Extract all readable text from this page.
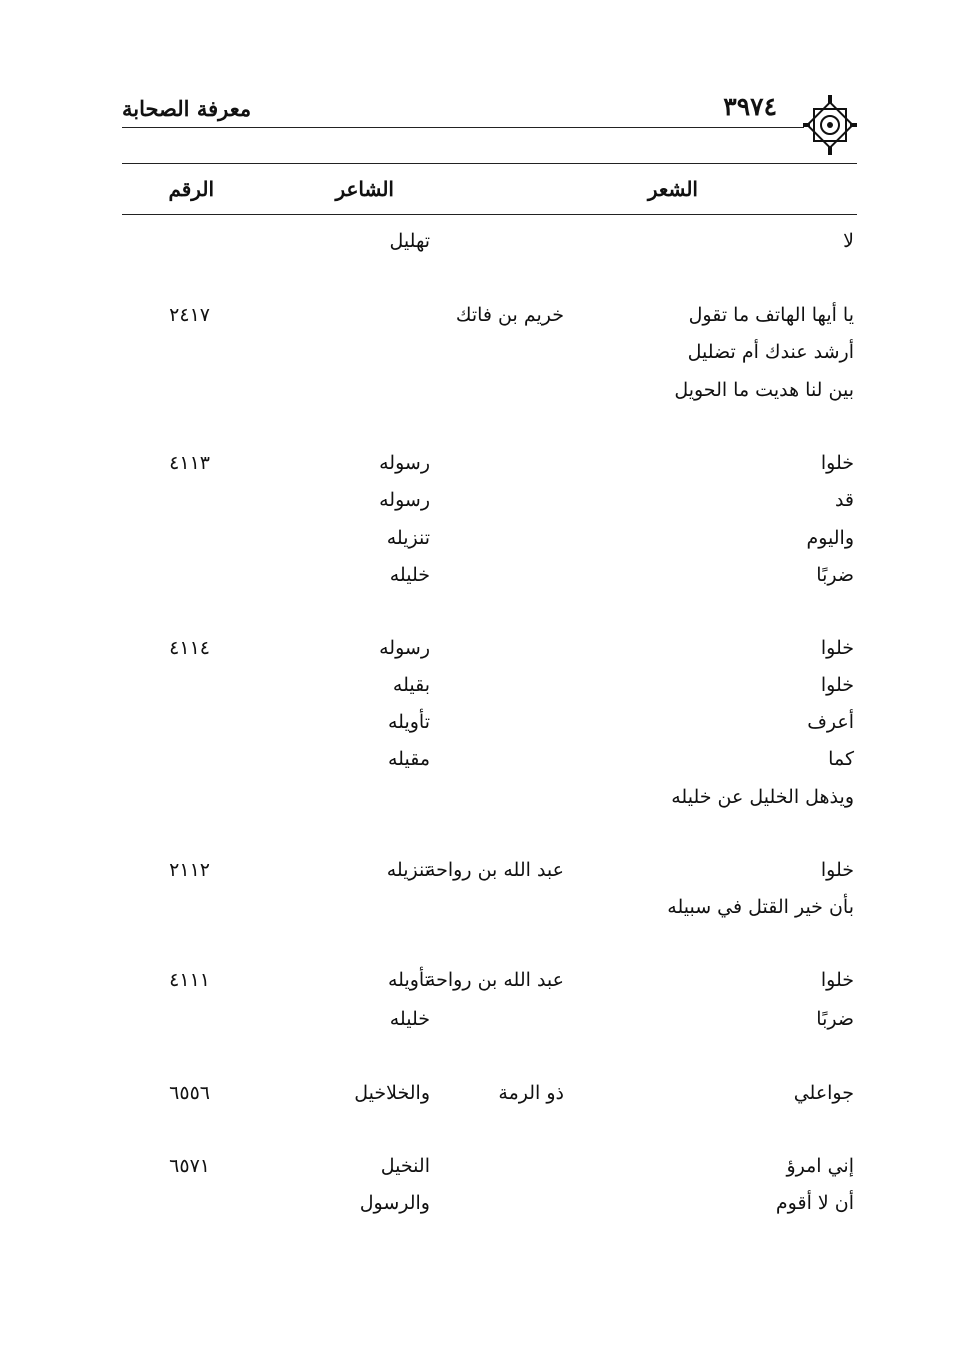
معرفة الصحابة	٣٩٧٤
الشعر
الشاعر
الرقم
لا
تهليل
يا أيها الهاتف ما تقول
خريم بن فاتك
٢٤١٧
أرشد عندك أم تضليل
بين لنا هديت ما الحويل
خلوا
رسوله
٤١١٣
قد
رسوله
واليوم
تنزيله
ضربًا
خليله
خلوا
رسوله
٤١١٤
خلوا
بقيله
أعرف
تأويله
كما
مقيله
ويذهل الخليل عن خليله
خلوا
تنزيله
عبد الله بن رواحة
٢١١٢
بأن خير القتل في سبيله
خلوا
تأويله
عبد الله بن رواحة
٤١١١
ضربًا
خليله
جواعلي
والخلاخيل	ذو الرمة
٦٥٥٦
إني امرؤ
النخيل
٦٥٧١
أن لا أقوم
والرسول
